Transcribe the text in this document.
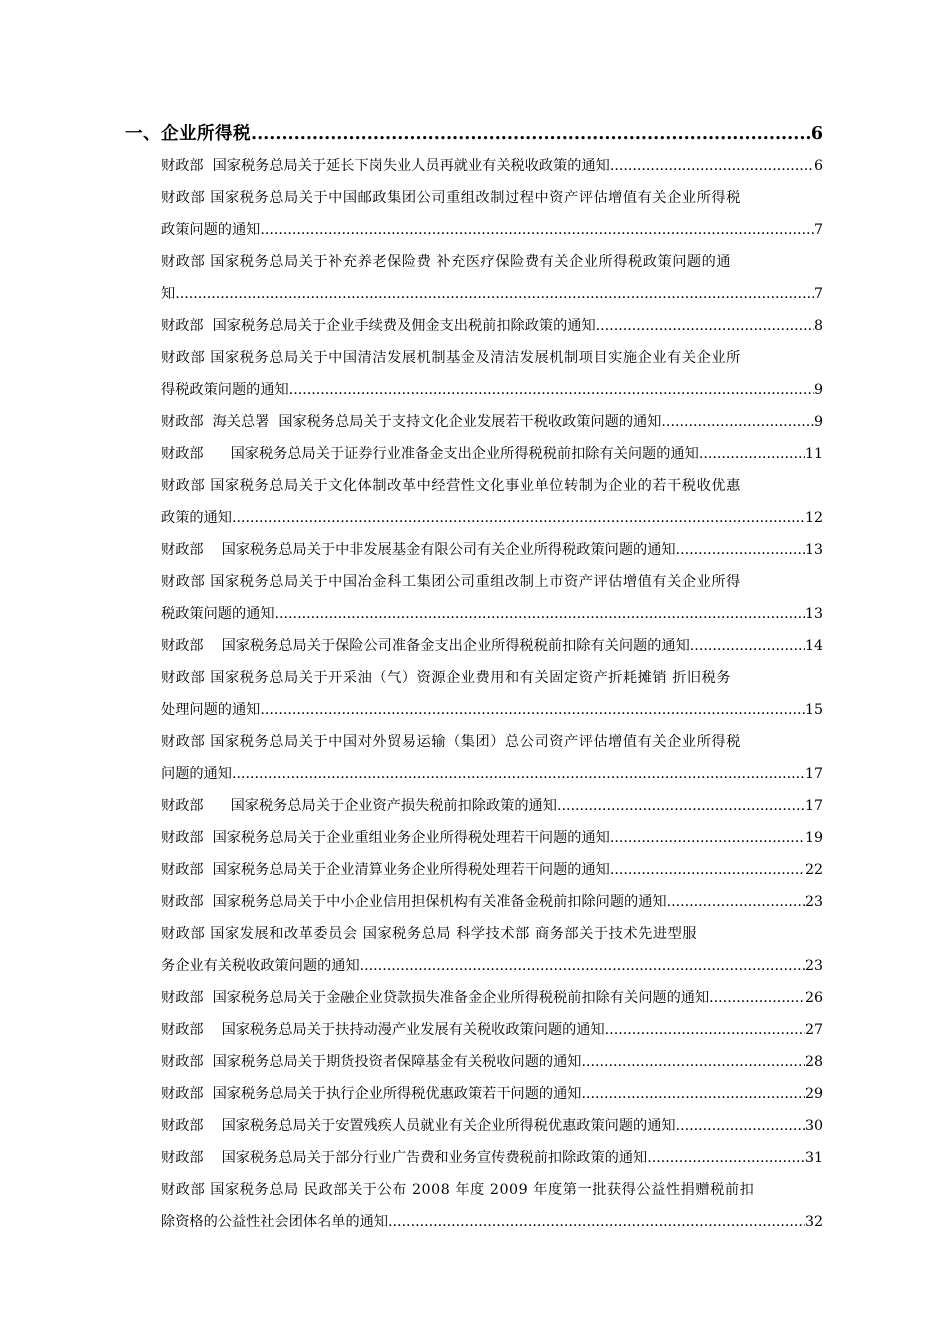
一、企业所得税 .....	6
财政部  国家税务总局关于延长下岗失业人员再就业有关税收政策的通知 .....	6
财政部 国家税务总局关于中国邮政集团公司重组改制过程中资产评估增值有关企业所得税
政策问题的通知 .....	7
财政部 国家税务总局关于补充养老保险费 补充医疗保险费有关企业所得税政策问题的通
知 .....	7
财政部  国家税务总局关于企业手续费及佣金支出税前扣除政策的通知 .....	8
财政部 国家税务总局关于中国清洁发展机制基金及清洁发展机制项目实施企业有关企业所
得税政策问题的通知 .....	9
财政部  海关总署  国家税务总局关于支持文化企业发展若干税收政策问题的通知 .....	9
财政部      国家税务总局关于证券行业准备金支出企业所得税税前扣除有关问题的通知 .....	11
财政部 国家税务总局关于文化体制改革中经营性文化事业单位转制为企业的若干税收优惠
政策的通知 .....	12
财政部    国家税务总局关于中非发展基金有限公司有关企业所得税政策问题的通知 .....	13
财政部 国家税务总局关于中国冶金科工集团公司重组改制上市资产评估增值有关企业所得
税政策问题的通知 .....	13
财政部    国家税务总局关于保险公司准备金支出企业所得税税前扣除有关问题的通知 .....	14
财政部 国家税务总局关于开采油（气）资源企业费用和有关固定资产折耗摊销 折旧税务
处理问题的通知 .....	15
财政部 国家税务总局关于中国对外贸易运输（集团）总公司资产评估增值有关企业所得税
问题的通知 .....	17
财政部      国家税务总局关于企业资产损失税前扣除政策的通知 .....	17
财政部  国家税务总局关于企业重组业务企业所得税处理若干问题的通知 .....	19
财政部  国家税务总局关于企业清算业务企业所得税处理若干问题的通知 .....	22
财政部  国家税务总局关于中小企业信用担保机构有关准备金税前扣除问题的通知 .....	23
财政部 国家发展和改革委员会 国家税务总局 科学技术部 商务部关于技术先进型服
务企业有关税收政策问题的通知 .....	23
财政部  国家税务总局关于金融企业贷款损失准备金企业所得税税前扣除有关问题的通知 .....	26
财政部    国家税务总局关于扶持动漫产业发展有关税收政策问题的通知 .....	27
财政部  国家税务总局关于期货投资者保障基金有关税收问题的通知 .....	28
财政部  国家税务总局关于执行企业所得税优惠政策若干问题的通知 .....	29
财政部    国家税务总局关于安置残疾人员就业有关企业所得税优惠政策问题的通知 .....	30
财政部    国家税务总局关于部分行业广告费和业务宣传费税前扣除政策的通知 .....	31
财政部 国家税务总局 民政部关于公布 2008 年度 2009 年度第一批获得公益性捐赠税前扣
除资格的公益性社会团体名单的通知 .....	32
